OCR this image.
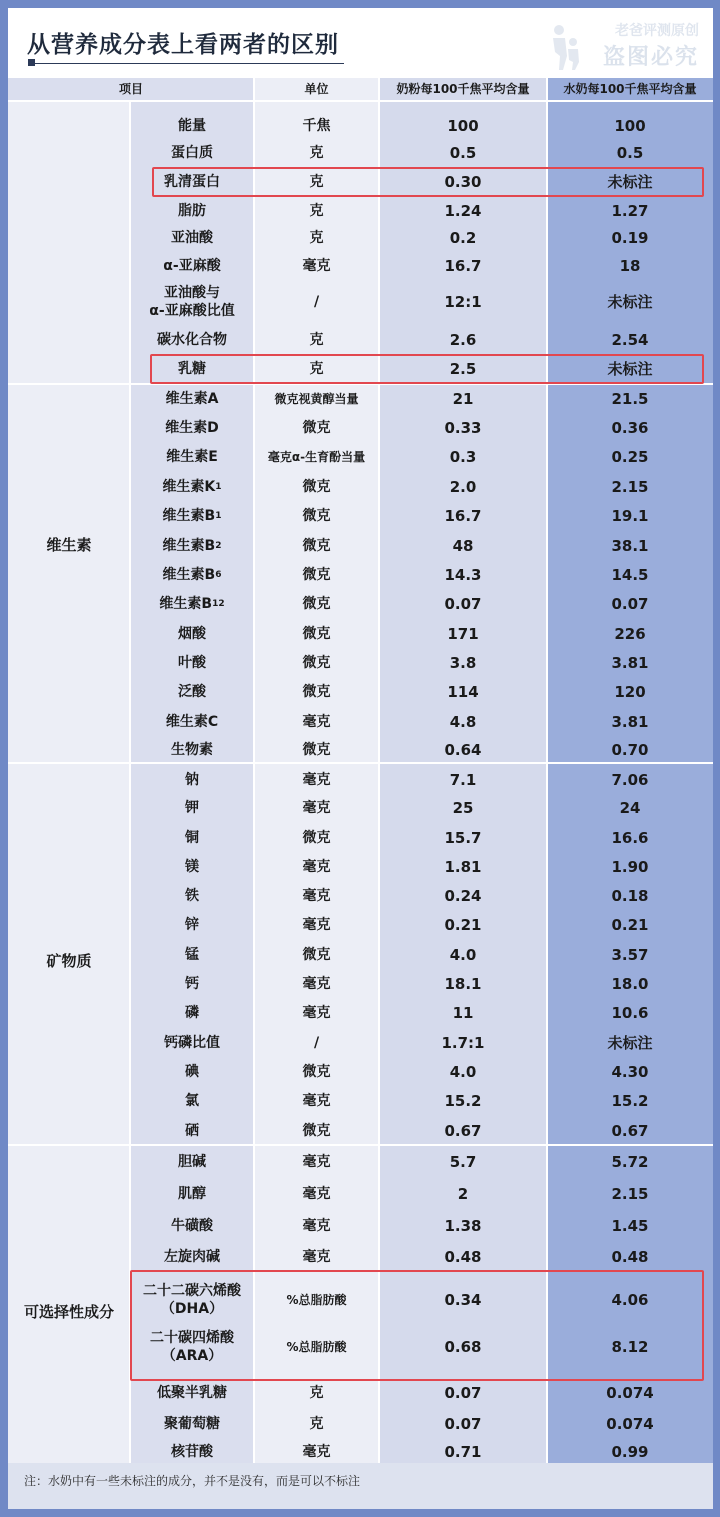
从营养成分表上看两者的区别
老爸评测原创
盗图必究
项目	单位	奶粉每100千焦平均含量	水奶每100千焦平均含量
维生素
矿物质
可选择性成分
能量	千焦	100	100
蛋白质	克	0.5	0.5
乳清蛋白	克	0.30	未标注
脂肪	克	1.24	1.27
亚油酸	克	0.2	0.19
α-亚麻酸	毫克	16.7	18
亚油酸与
α-亚麻酸比值
/	12:1	未标注
碳水化合物	克	2.6	2.54
乳糖	克	2.5	未标注
维生素A	微克视黄醇当量	21	21.5
维生素D	微克	0.33	0.36
维生素E	毫克α-生育酚当量	0.3	0.25
维生素K 1	微克	2.0	2.15
维生素B 1	微克	16.7	19.1
维生素B 2	微克	48	38.1
维生素B 6	微克	14.3	14.5
维生素B 12	微克	0.07	0.07
烟酸	微克	171	226
叶酸	微克	3.8	3.81
泛酸	微克	114	120
维生素C	毫克	4.8	3.81
生物素	微克	0.64	0.70
钠	毫克	7.1	7.06
钾	毫克	25	24
铜	微克	15.7	16.6
镁	毫克	1.81	1.90
铁	毫克	0.24	0.18
锌	毫克	0.21	0.21
锰	微克	4.0	3.57
钙	毫克	18.1	18.0
磷	毫克	11	10.6
钙磷比值	/	1.7:1	未标注
碘	微克	4.0	4.30
氯	毫克	15.2	15.2
硒	微克	0.67	0.67
胆碱	毫克	5.7	5.72
肌醇	毫克	2	2.15
牛磺酸	毫克	1.38	1.45
左旋肉碱	毫克	0.48	0.48
二十二碳六烯酸
（DHA）
%总脂肪酸	0.34	4.06
二十碳四烯酸
（ARA）
%总脂肪酸	0.68	8.12
低聚半乳糖	克	0.07	0.074
聚葡萄糖	克	0.07	0.074
核苷酸	毫克	0.71	0.99
注：水奶中有一些未标注的成分，并不是没有，而是可以不标注
